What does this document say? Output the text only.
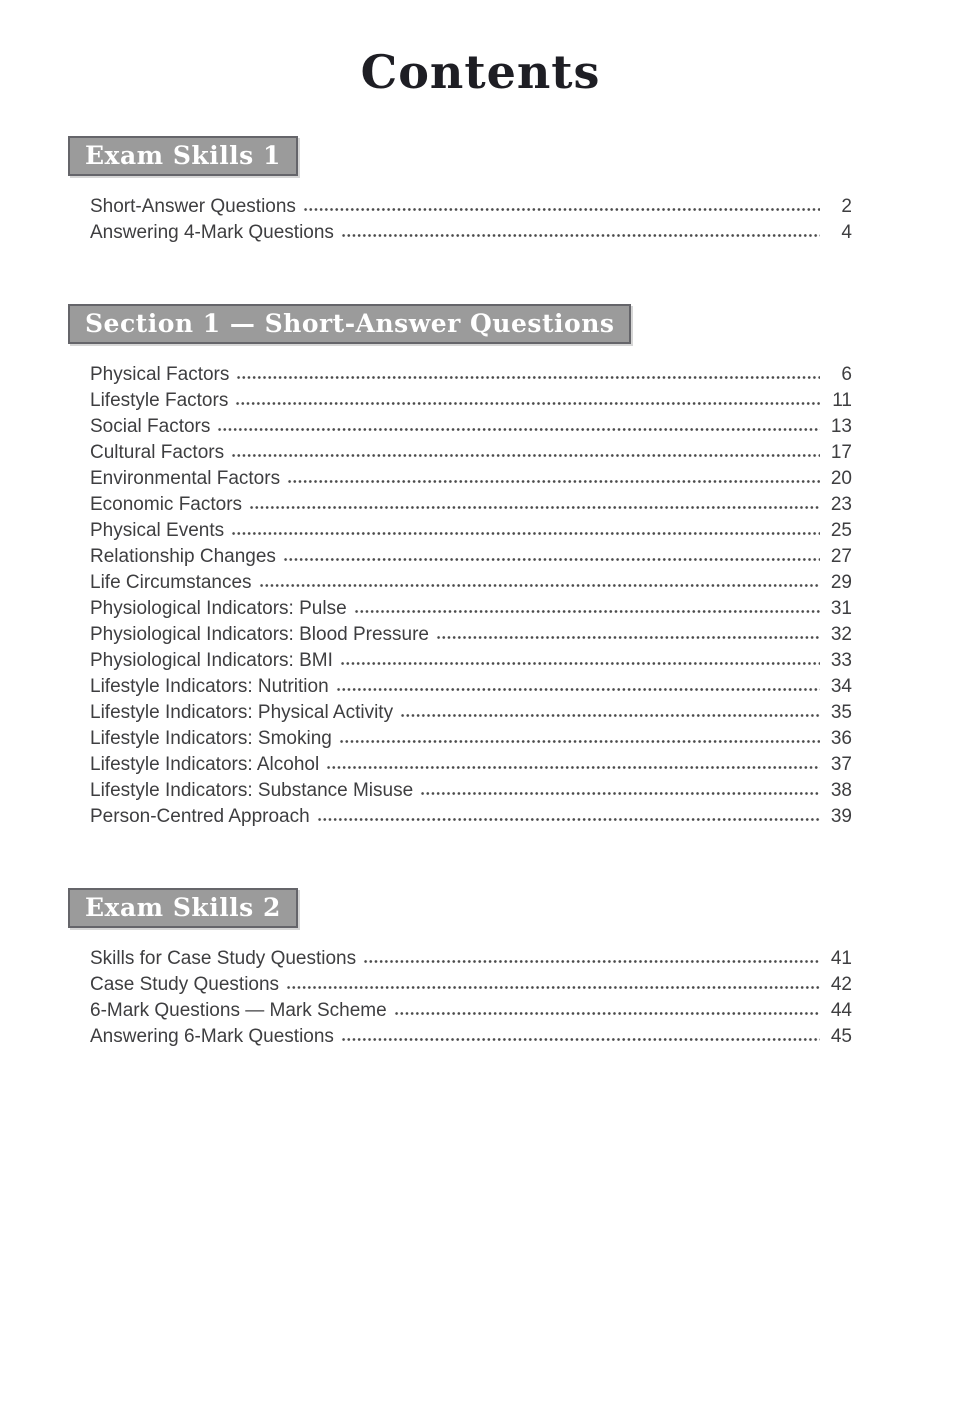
Contents
Exam Skills 1
Short-Answer Questions	2
Answering 4-Mark Questions	4
Section 1 — Short-Answer Questions
Physical Factors	6
Lifestyle Factors	11
Social Factors	13
Cultural Factors	17
Environmental Factors	20
Economic Factors	23
Physical Events	25
Relationship Changes	27
Life Circumstances	29
Physiological Indicators: Pulse	31
Physiological Indicators: Blood Pressure	32
Physiological Indicators: BMI	33
Lifestyle Indicators: Nutrition	34
Lifestyle Indicators: Physical Activity	35
Lifestyle Indicators: Smoking	36
Lifestyle Indicators: Alcohol	37
Lifestyle Indicators: Substance Misuse	38
Person-Centred Approach	39
Exam Skills 2
Skills for Case Study Questions	41
Case Study Questions	42
6-Mark Questions — Mark Scheme	44
Answering 6-Mark Questions	45
